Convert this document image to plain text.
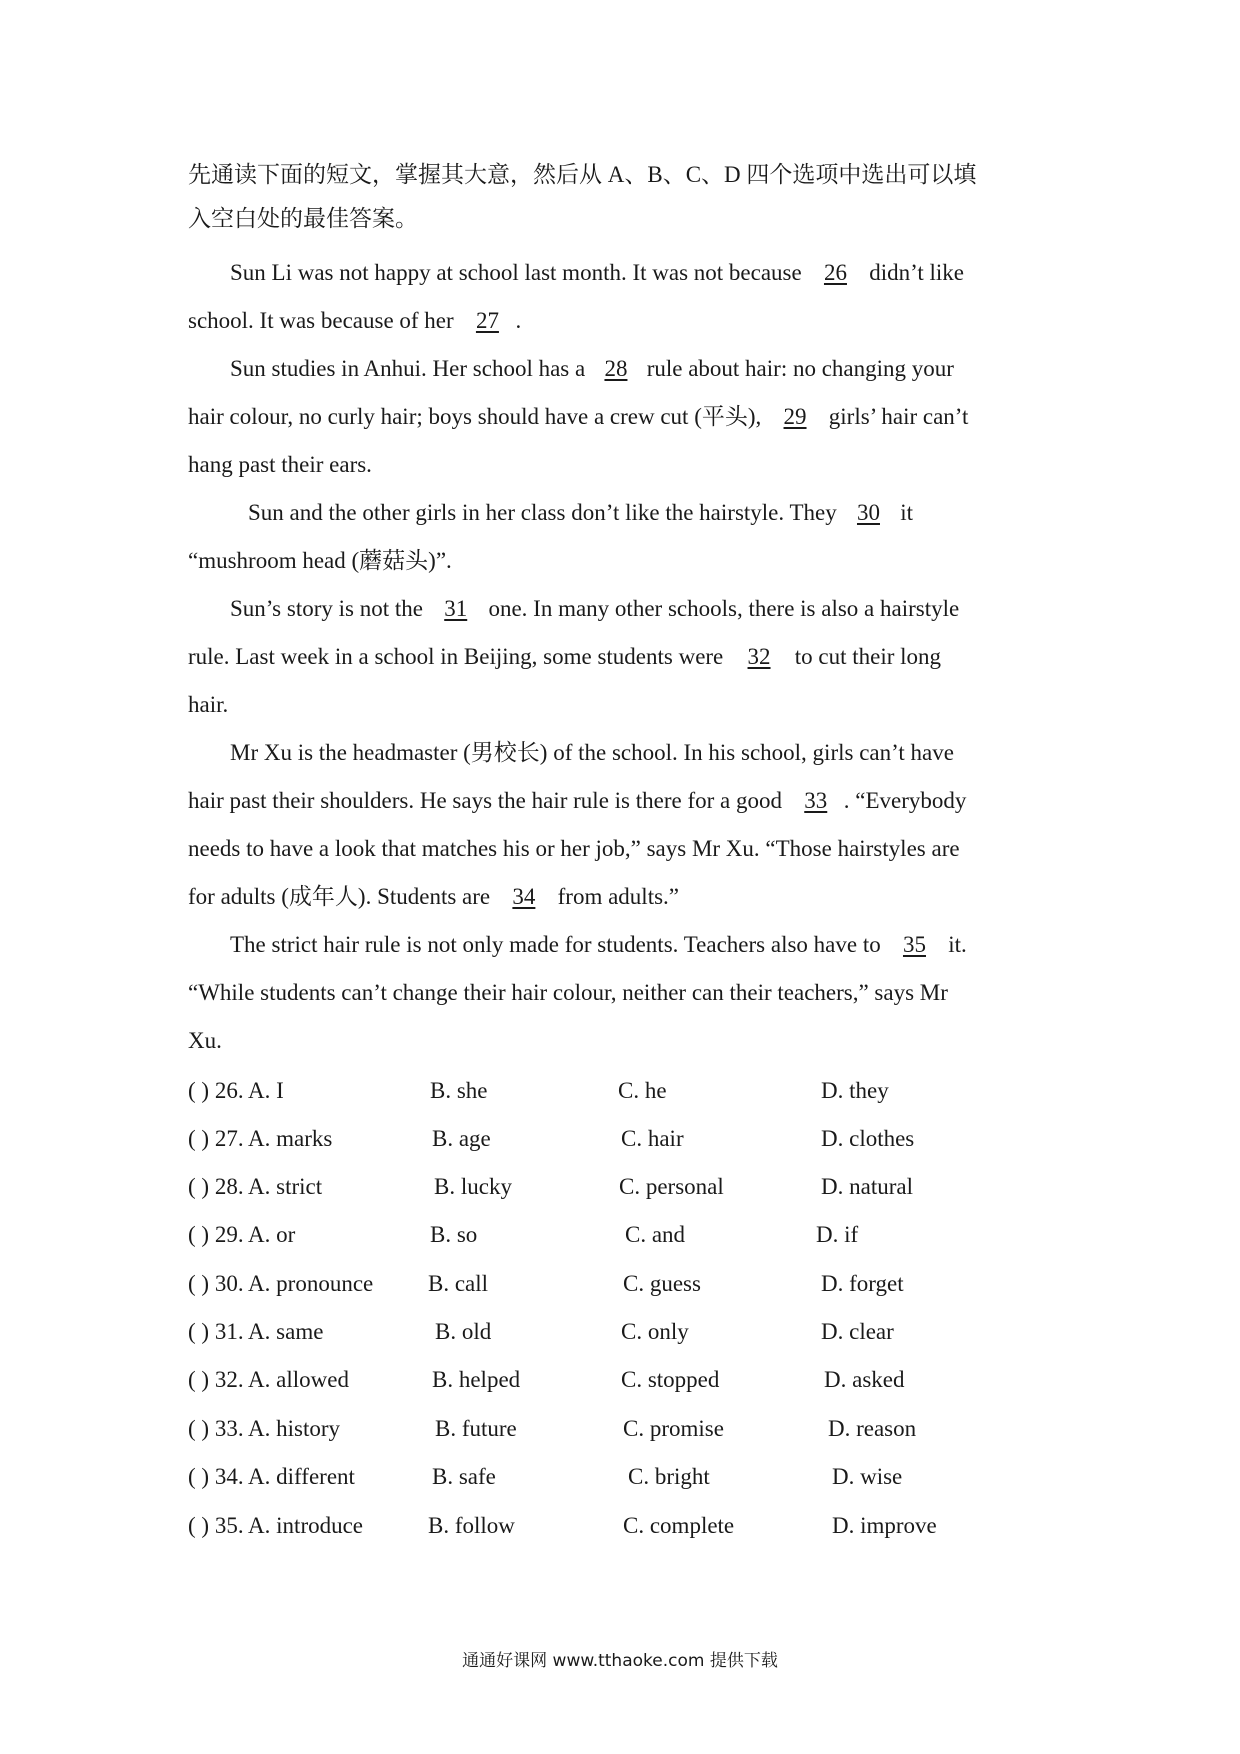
先通读下面的短文，掌握其大意，然后从 A、B、C、D 四个选项中选出可以填
入空白处的最佳答案。
Sun Li was not happy at school last month. It was not because 26 didn’t like
school. It was because of her 27 .
Sun studies in Anhui. Her school has a 28 rule about hair: no changing your
hair colour, no curly hair; boys should have a crew cut (平头), 29 girls’ hair can’t
hang past their ears.
Sun and the other girls in her class don’t like the hairstyle. They 30 it
“mushroom head (蘑菇头)”.
Sun’s story is not the 31 one. In many other schools, there is also a hairstyle
rule. Last week in a school in Beijing, some students were 32 to cut their long
hair.
Mr Xu is the headmaster (男校长) of the school. In his school, girls can’t have
hair past their shoulders. He says the hair rule is there for a good 33 . “Everybody
needs to have a look that matches his or her job,” says Mr Xu. “Those hairstyles are
for adults (成年人). Students are 34 from adults.”
The strict hair rule is not only made for students. Teachers also have to 35 it.
“While students can’t change their hair colour, neither can their teachers,” says Mr
Xu.
( ) 26. A. I	B. she	C. he	D. they
( ) 27. A. marks	B. age	C. hair	D. clothes
( ) 28. A. strict	B. lucky	C. personal	D. natural
( ) 29. A. or	B. so	C. and	D. if
( ) 30. A. pronounce B. call	C. guess	D. forget
( ) 31. A. same	B. old	C. only	D. clear
( ) 32. A. allowed	B. helped	C. stopped	D. asked
( ) 33. A. history	B. future	C. promise	D. reason
( ) 34. A. different	B. safe	C. bright	D. wise
( ) 35. A. introduce	B. follow	C. complete	D. improve
通通好课网 www.tthaoke.com 提供下载
